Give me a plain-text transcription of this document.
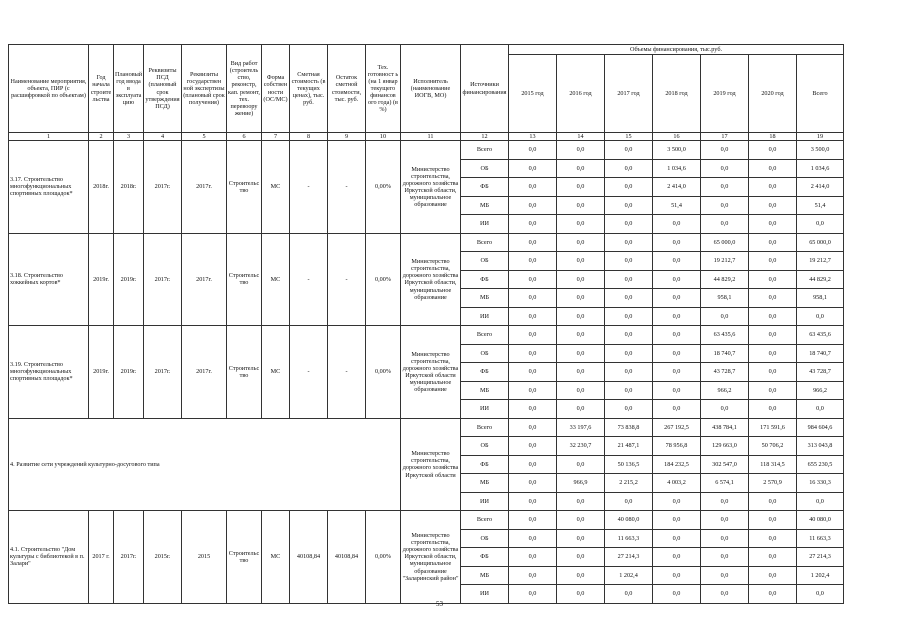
Наименование мероприятия, объекта, ПИР (с расшифровкой по объектам)	Год начала строите льства	Плановый год ввода в эксплуата цию	Реквизиты ПСД (плановый срок утверждения ПСД)	Реквизиты государствен ной экспертизы (плановый срок получения)	Вид работ (строитель ство, реконстр, кап. ремонт, тех. перевоору жение)	Форма собствен ности (ОС/МС)	Сметная стоимость (в текущих ценах), тыс. руб.	Остаток сметной стоимости, тыс. руб.	Тех. готовност ь (на 1 январ текущего финансов ого года) (в %)	Исполнитель (наименование ИОГВ, МО)	Источники финансирования	Объемы финансирования, тыс.руб.						
												2015 год	2016 год	2017 год	2018 год	2019 год	2020 год	Всего
1	2	3	4	5	6	7	8	9	10	11	12	13	14	15	16	17	18	19
3.17. Строительство многофункциональных спортивных площадок*	2018г.	2018г.	2017г.	2017г.	Строительс тво	МС	-	-	0,00%	Министерство строительства, дорожного хозяйства Иркутской области, муниципальное образование	Всего	0,0	0,0	0,0	3 500,0	0,0	0,0	3 500,0
											ОБ	0,0	0,0	0,0	1 034,6	0,0	0,0	1 034,6
											ФБ	0,0	0,0	0,0	2 414,0	0,0	0,0	2 414,0
											МБ	0,0	0,0	0,0	51,4	0,0	0,0	51,4
											ИИ	0,0	0,0	0,0	0,0	0,0	0,0	0,0
3.18. Строительство хоккейных кортов*	2019г.	2019г.	2017г.	2017г.	Строительс тво	МС	-	-	0,00%	Министерство строительства, дорожного хозяйства Иркутской области, муниципальное образование	Всего	0,0	0,0	0,0	0,0	65 000,0	0,0	65 000,0
											ОБ	0,0	0,0	0,0	0,0	19 212,7	0,0	19 212,7
											ФБ	0,0	0,0	0,0	0,0	44 829,2	0,0	44 829,2
											МБ	0,0	0,0	0,0	0,0	958,1	0,0	958,1
											ИИ	0,0	0,0	0,0	0,0	0,0	0,0	0,0
3.19. Строительство многофункциональных спортивных площадок*	2019г.	2019г.	2017г.	2017г.	Строительс тво	МС	-	-	0,00%	Министерство строительства, дорожного хозяйства Иркутской области муниципальное образование	Всего	0,0	0,0	0,0	0,0	63 435,6	0,0	63 435,6
											ОБ	0,0	0,0	0,0	0,0	18 740,7	0,0	18 740,7
											ФБ	0,0	0,0	0,0	0,0	43 728,7	0,0	43 728,7
											МБ	0,0	0,0	0,0	0,0	966,2	0,0	966,2
											ИИ	0,0	0,0	0,0	0,0	0,0	0,0	0,0
4. Развитие сети учреждений культурно-досугового типа										Министерство строительства, дорожного хозяйства Иркутской области	Всего	0,0	33 197,6	73 838,8	267 192,5	438 784,1	171 591,6	984 604,6
											ОБ	0,0	32 230,7	21 487,1	78 956,8	129 663,0	50 706,2	313 043,8
											ФБ	0,0	0,0	50 136,5	184 232,5	302 547,0	118 314,5	655 230,5
											МБ	0,0	966,9	2 215,2	4 003,2	6 574,1	2 570,9	16 330,3
											ИИ	0,0	0,0	0,0	0,0	0,0	0,0	0,0
4.1. Строительство "Дом культуры с библиотекой в п. Залари"	2017 г.	2017г.	2015г.	2015	Строительс тво	МС	40108,84	40108,84	0,00%	Министерство строительства, дорожного хозяйства Иркутской области, муниципальное образование "Заларинский район"	Всего	0,0	0,0	40 080,0	0,0	0,0	0,0	40 080,0
											ОБ	0,0	0,0	11 663,3	0,0	0,0	0,0	11 663,3
											ФБ	0,0	0,0	27 214,3	0,0	0,0	0,0	27 214,3
											МБ	0,0	0,0	1 202,4	0,0	0,0	0,0	1 202,4
											ИИ	0,0	0,0	0,0	0,0	0,0	0,0	0,0
53
